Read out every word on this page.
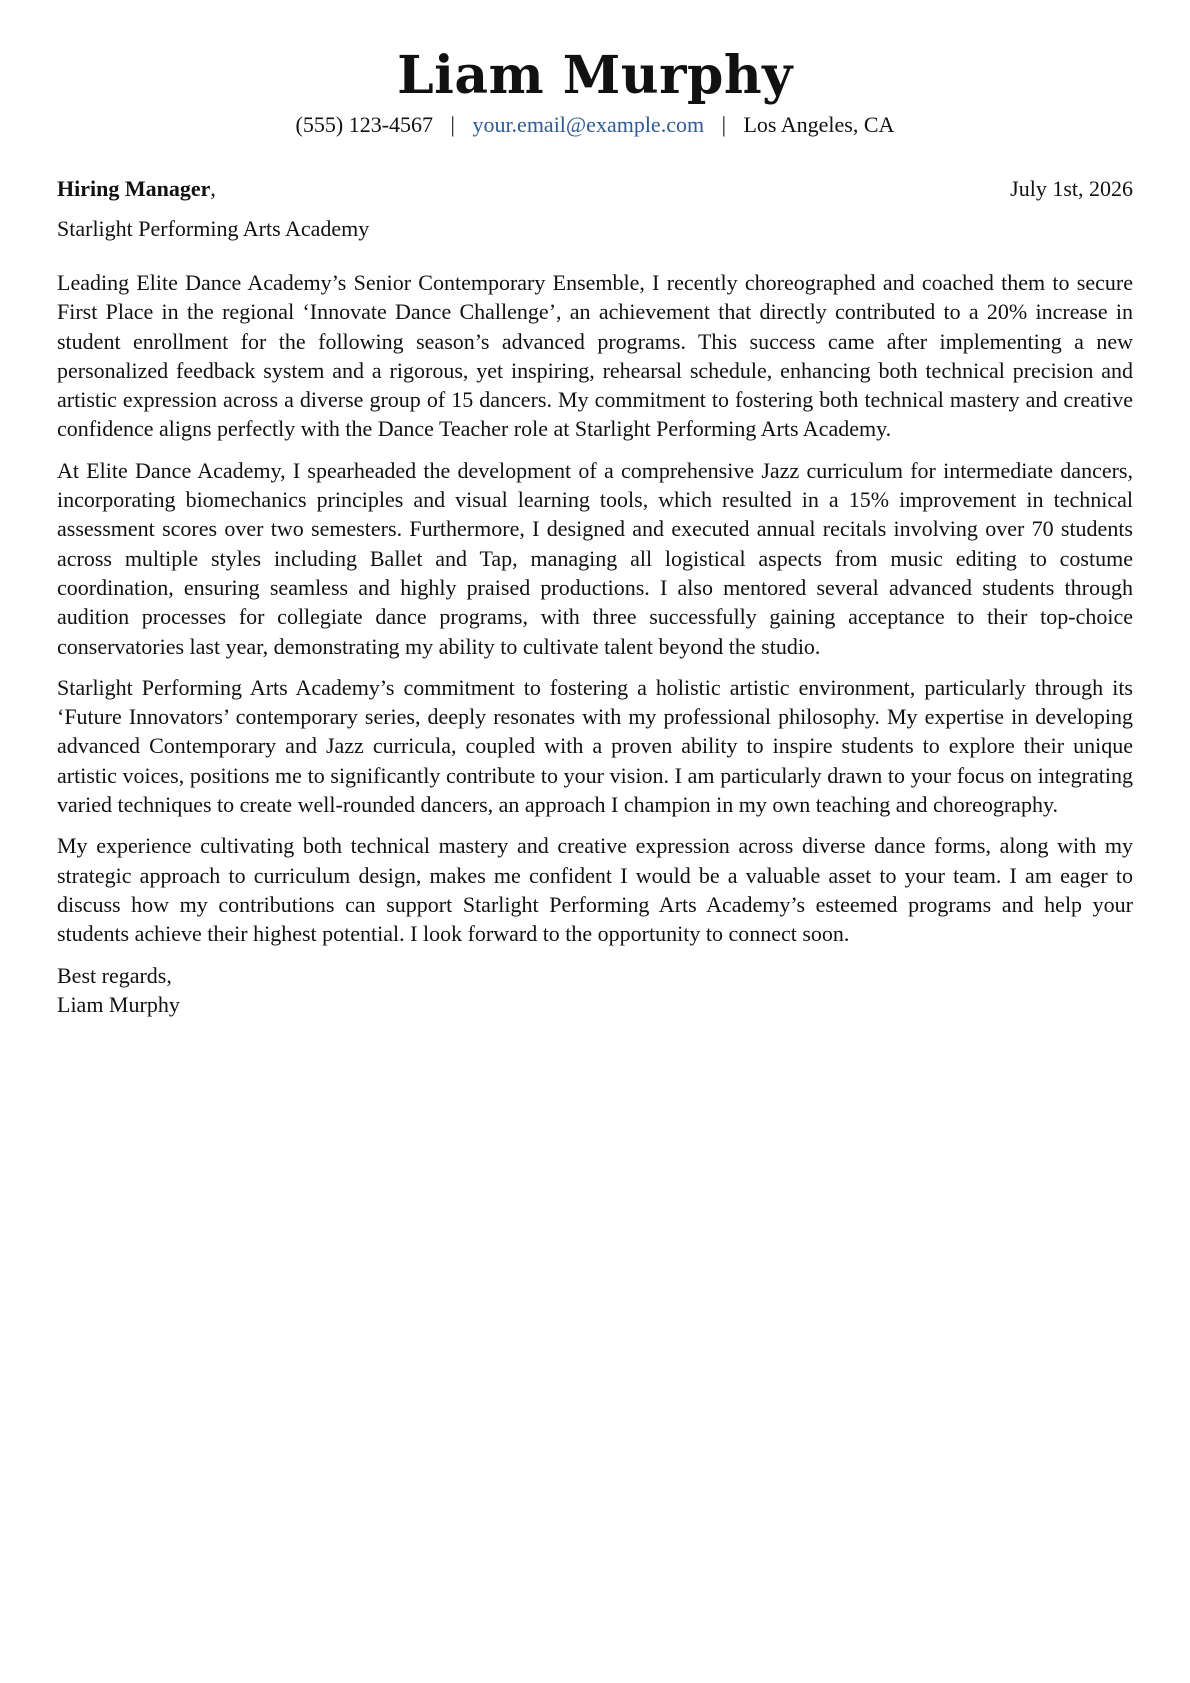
Liam Murphy
(555) 123-4567 | your.email@example.com | Los Angeles, CA
Hiring Manager,	July 1st, 2026
Starlight Performing Arts Academy

Leading Elite Dance Academy’s Senior Contemporary Ensemble, I recently choreographed and coached them to secure First Place in the regional ‘Innovate Dance Challenge’, an achievement that directly contributed to a 20% increase in student enrollment for the following season’s advanced programs. This success came after implementing a new personalized feedback system and a rigorous, yet inspiring, rehearsal schedule, enhancing both technical precision and artistic expression across a diverse group of 15 dancers. My commitment to fostering both technical mastery and creative confidence aligns perfectly with the Dance Teacher role at Starlight Performing Arts Academy.

At Elite Dance Academy, I spearheaded the development of a comprehensive Jazz curriculum for intermediate dancers, incorporating biomechanics principles and visual learning tools, which resulted in a 15% improvement in technical assessment scores over two semesters. Furthermore, I designed and executed annual recitals involving over 70 students across multiple styles including Ballet and Tap, managing all logistical aspects from music editing to costume coordination, ensuring seamless and highly praised productions. I also mentored several advanced students through audition processes for collegiate dance programs, with three successfully gaining acceptance to their top-choice conservatories last year, demonstrating my ability to cultivate talent beyond the studio.

Starlight Performing Arts Academy’s commitment to fostering a holistic artistic environment, particularly through its ‘Future Innovators’ contemporary series, deeply resonates with my professional philosophy. My expertise in developing advanced Contemporary and Jazz curricula, coupled with a proven ability to inspire students to explore their unique artistic voices, positions me to significantly contribute to your vision. I am particularly drawn to your focus on integrating varied techniques to create well-rounded dancers, an approach I champion in my own teaching and choreography.

My experience cultivating both technical mastery and creative expression across diverse dance forms, along with my strategic approach to curriculum design, makes me confident I would be a valuable asset to your team. I am eager to discuss how my contributions can support Starlight Performing Arts Academy’s esteemed programs and help your students achieve their highest potential. I look forward to the opportunity to connect soon.

Best regards,
Liam Murphy
